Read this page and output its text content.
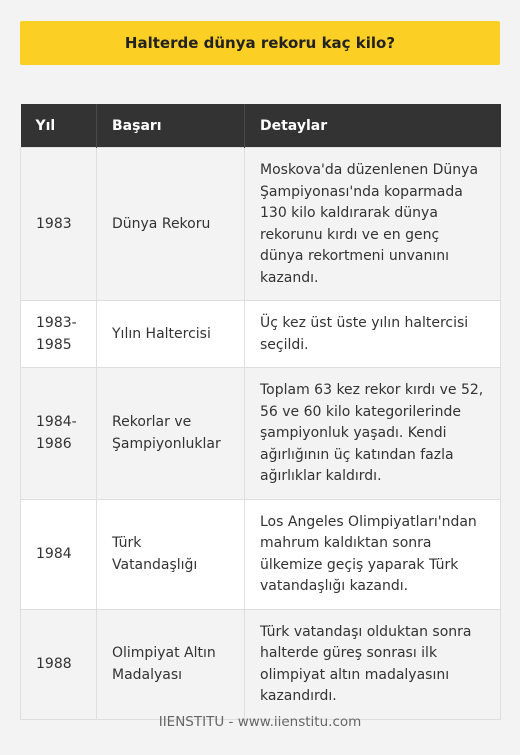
Halterde dünya rekoru kaç kilo?
Yıl	Başarı	Detaylar
1983	Dünya Rekoru	Moskova'da düzenlenen Dünya Şampiyonası'nda koparmada 130 kilo kaldırarak dünya rekorunu kırdı ve en genç dünya rekortmeni unvanını kazandı.
1983-1985	Yılın Haltercisi	Üç kez üst üste yılın haltercisi seçildi.
1984-1986	Rekorlar ve Şampiyonluklar	Toplam 63 kez rekor kırdı ve 52, 56 ve 60 kilo kategorilerinde şampiyonluk yaşadı. Kendi ağırlığının üç katından fazla ağırlıklar kaldırdı.
1984	Türk Vatandaşlığı	Los Angeles Olimpiyatları'ndan mahrum kaldıktan sonra ülkemize geçiş yaparak Türk vatandaşlığı kazandı.
1988	Olimpiyat Altın Madalyası	Türk vatandaşı olduktan sonra halterde güreş sonrası ilk olimpiyat altın madalyasını kazandırdı.
IIENSTITU - www.iienstitu.com
